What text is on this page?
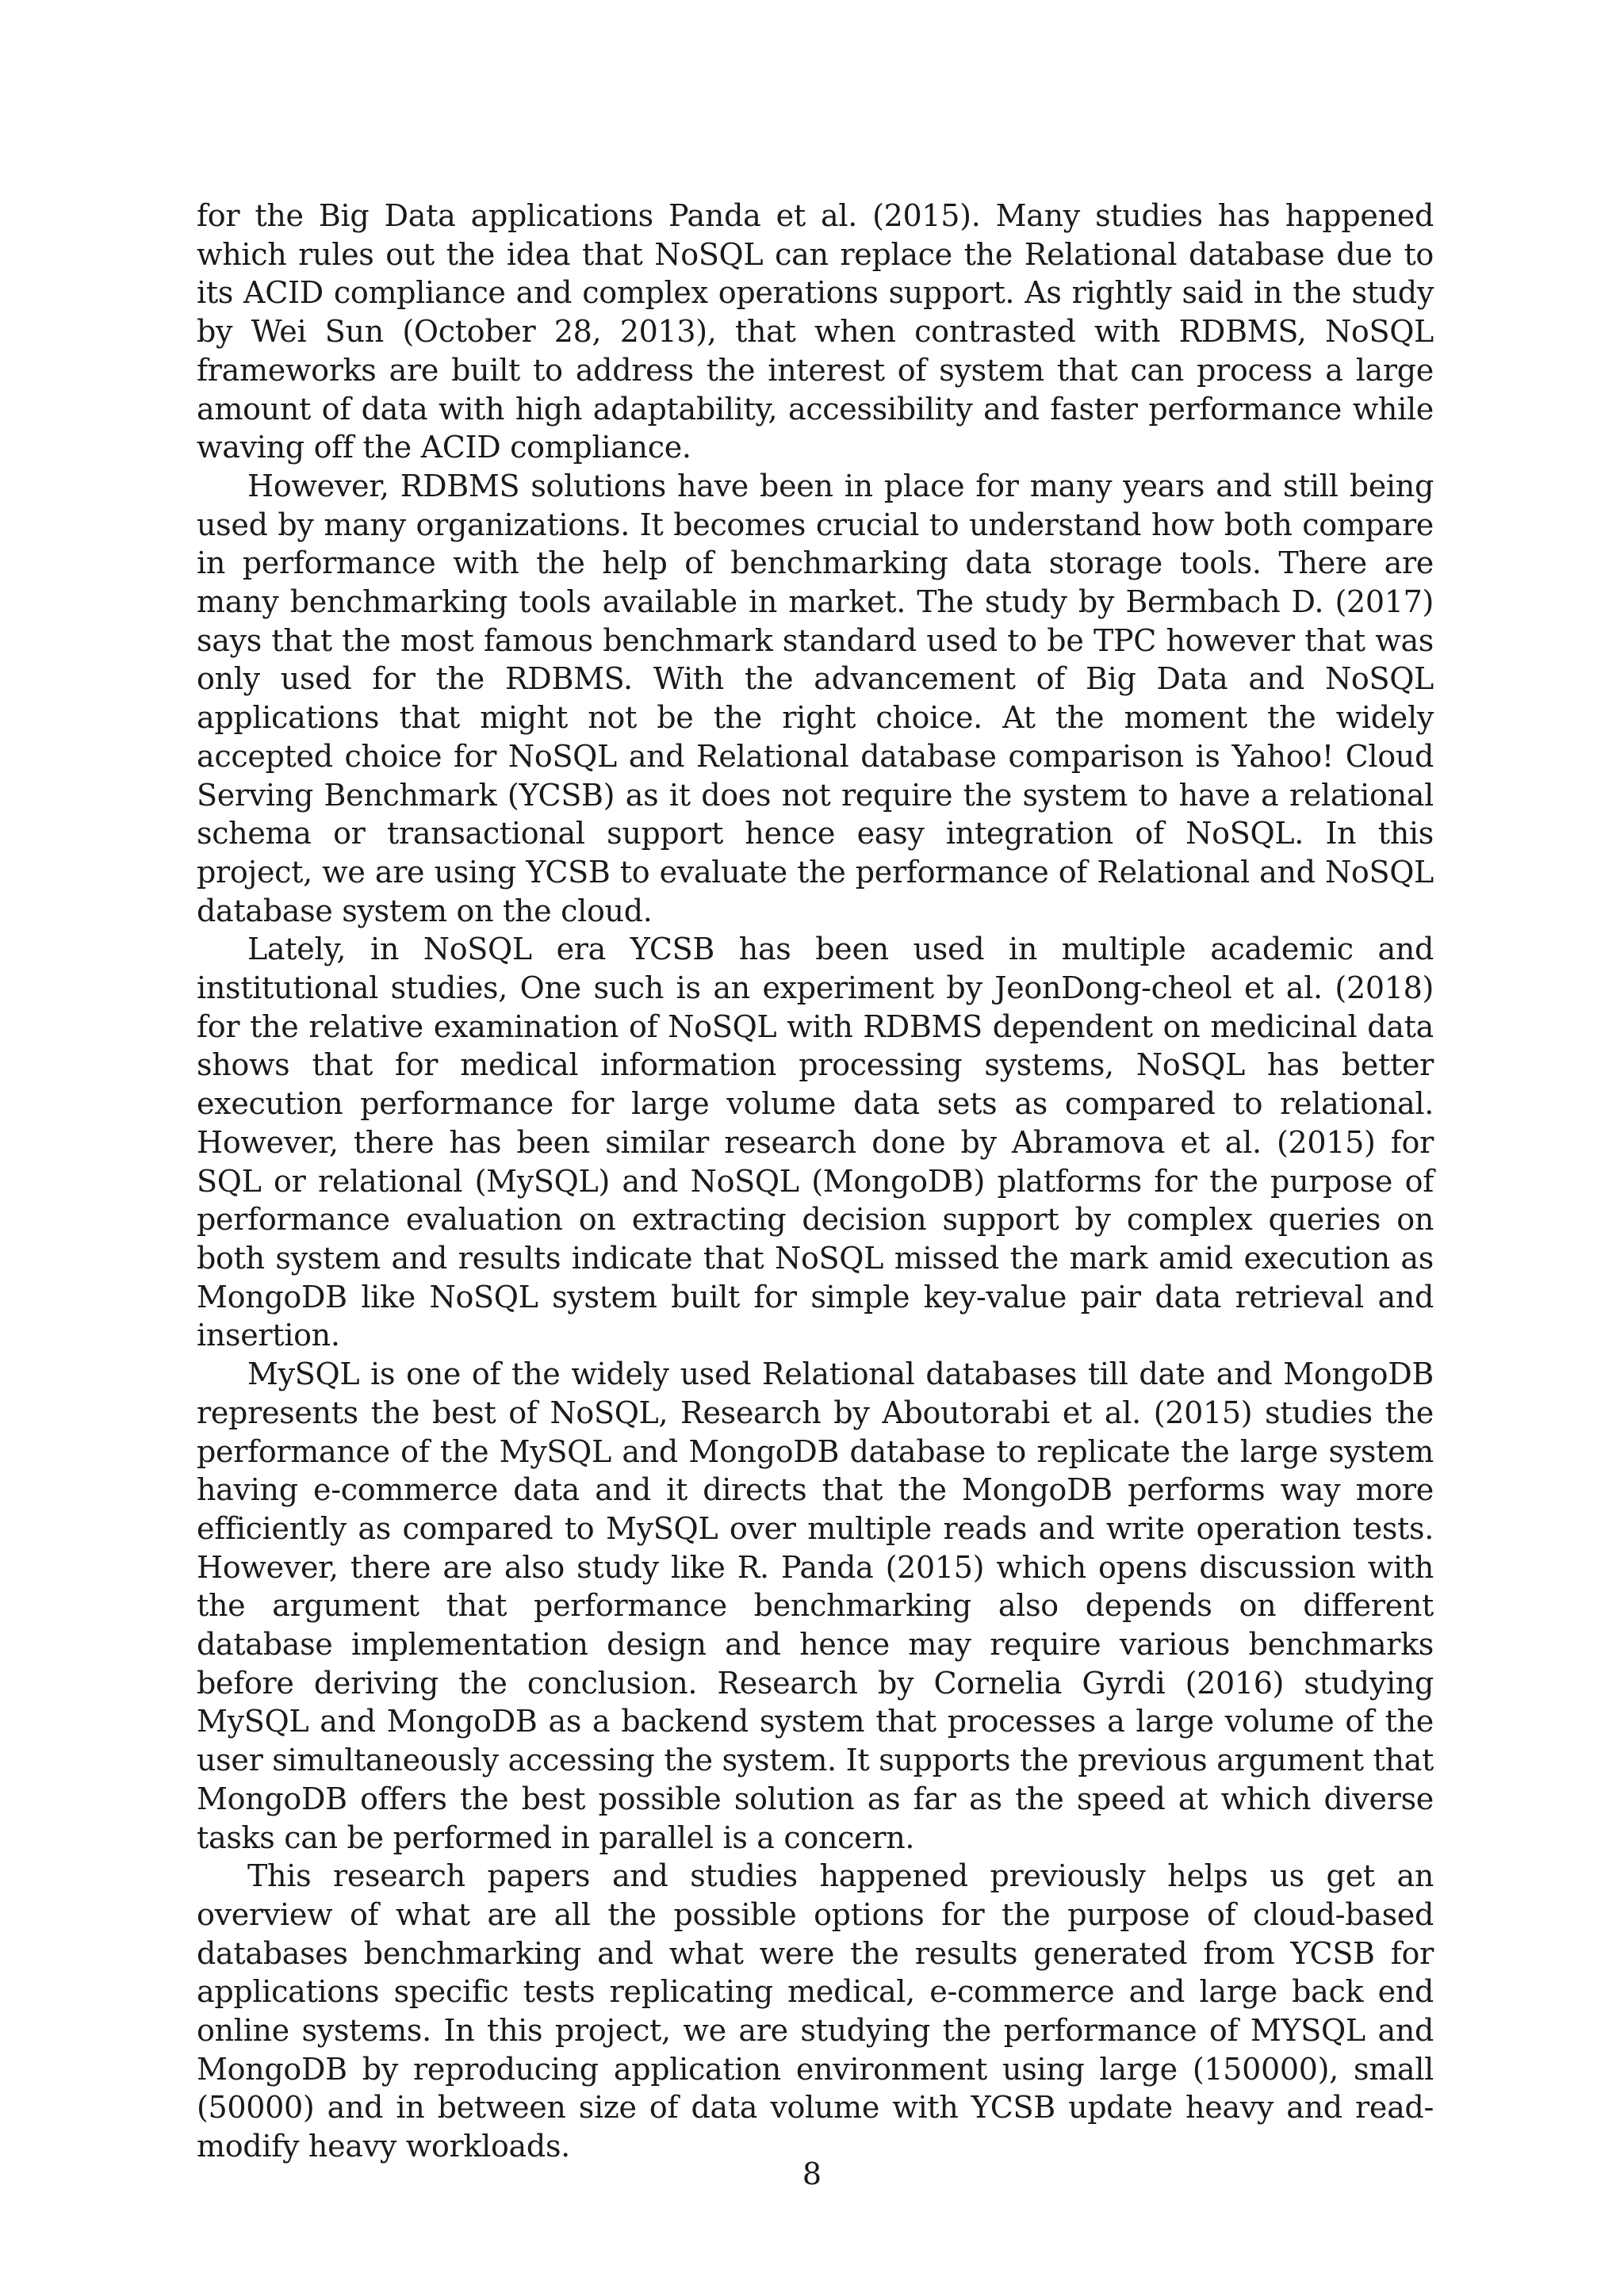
for the Big Data applications Panda et al. (2015). Many studies has happened which rules out the idea that NoSQL can replace the Relational database due to its ACID compliance and complex operations support. As rightly said in the study by Wei Sun (October 28, 2013), that when contrasted with RDBMS, NoSQL frameworks are built to address the interest of system that can process a large amount of data with high adaptability, accessibility and faster performance while waving off the ACID compliance.

However, RDBMS solutions have been in place for many years and still being used by many organizations. It becomes crucial to understand how both compare in performance with the help of benchmarking data storage tools. There are many benchmarking tools available in market. The study by Bermbach D. (2017) says that the most famous benchmark standard used to be TPC however that was only used for the RDBMS. With the advancement of Big Data and NoSQL applications that might not be the right choice. At the moment the widely accepted choice for NoSQL and Relational database comparison is Yahoo! Cloud Serving Benchmark (YCSB) as it does not require the system to have a relational schema or transactional support hence easy integration of NoSQL. In this project, we are using YCSB to evaluate the performance of Relational and NoSQL database system on the cloud.

Lately, in NoSQL era YCSB has been used in multiple academic and institutional studies, One such is an experiment by JeonDong-cheol et al. (2018) for the relative examination of NoSQL with RDBMS dependent on medicinal data shows that for medical information processing systems, NoSQL has better execution performance for large volume data sets as compared to relational. However, there has been similar research done by Abramova et al. (2015) for SQL or relational (MySQL) and NoSQL (MongoDB) platforms for the purpose of performance evaluation on extracting decision support by complex queries on both system and results indicate that NoSQL missed the mark amid execution as MongoDB like NoSQL system built for simple key-value pair data retrieval and insertion.

MySQL is one of the widely used Relational databases till date and MongoDB represents the best of NoSQL, Research by Aboutorabi et al. (2015) studies the performance of the MySQL and MongoDB database to replicate the large system having e-commerce data and it directs that the MongoDB performs way more efficiently as compared to MySQL over multiple reads and write operation tests. However, there are also study like R. Panda (2015) which opens discussion with the argument that performance benchmarking also depends on different database implementation design and hence may require various benchmarks before deriving the conclusion. Research by Cornelia Gyrdi (2016) studying MySQL and MongoDB as a backend system that processes a large volume of the user simultaneously accessing the system. It supports the previous argument that MongoDB offers the best possible solution as far as the speed at which diverse tasks can be performed in parallel is a concern.

This research papers and studies happened previously helps us get an overview of what are all the possible options for the purpose of cloud-based databases benchmarking and what were the results generated from YCSB for applications specific tests replicating medical, e-commerce and large back end online systems. In this project, we are studying the performance of MYSQL and MongoDB by reproducing application environment using large (150000), small (50000) and in between size of data volume with YCSB update heavy and read-modify heavy workloads.

8
